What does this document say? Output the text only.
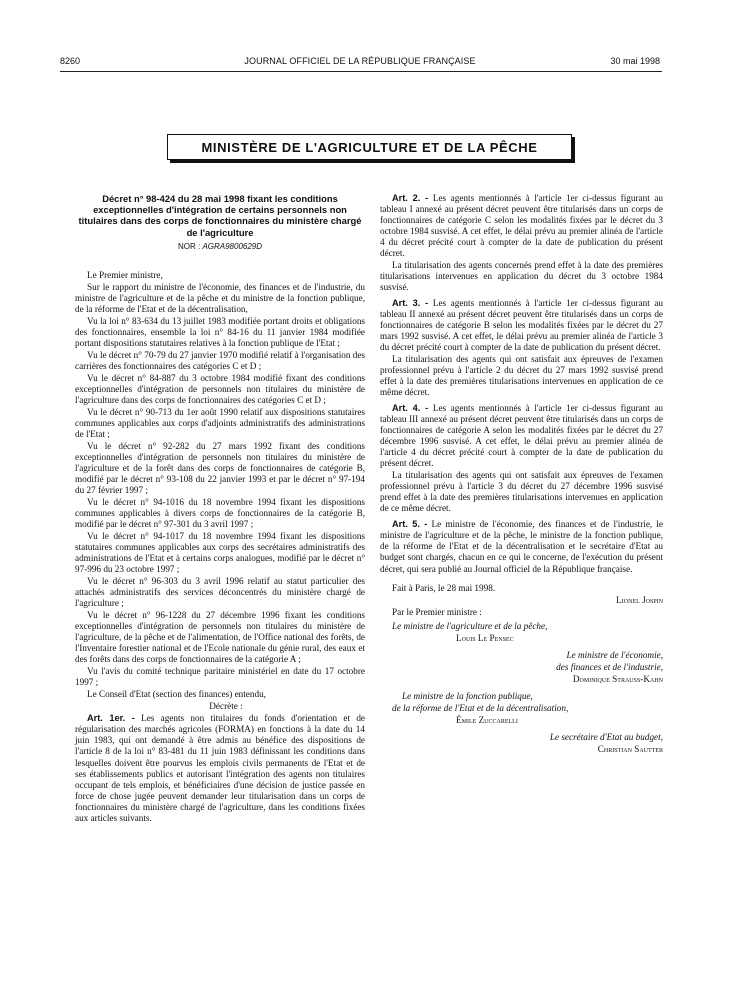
8260	JOURNAL OFFICIEL DE LA RÉPUBLIQUE FRANÇAISE	30 mai 1998
MINISTÈRE DE L'AGRICULTURE ET DE LA PÊCHE
Décret n° 98-424 du 28 mai 1998 fixant les conditions exceptionnelles d'intégration de certains personnels non titulaires dans des corps de fonctionnaires du ministère chargé de l'agriculture
NOR : AGRA9800629D

Le Premier ministre,

Sur le rapport du ministre de l'économie, des finances et de l'industrie, du ministre de l'agriculture et de la pêche et du ministre de la fonction publique, de la réforme de l'Etat et de la décentralisation,

Vu la loi n° 83-634 du 13 juillet 1983 modifiée portant droits et obligations des fonctionnaires, ensemble la loi n° 84-16 du 11 janvier 1984 modifiée portant dispositions statutaires relatives à la fonction publique de l'Etat ;

Vu le décret n° 70-79 du 27 janvier 1970 modifié relatif à l'organisation des carrières des fonctionnaires des catégories C et D ;

Vu le décret n° 84-887 du 3 octobre 1984 modifié fixant des conditions exceptionnelles d'intégration de personnels non titulaires du ministère de l'agriculture dans des corps de fonctionnaires des catégories C et D ;

Vu le décret n° 90-713 du 1er août 1990 relatif aux dispositions statutaires communes applicables aux corps d'adjoints administratifs des administrations de l'Etat ;

Vu le décret n° 92-282 du 27 mars 1992 fixant des conditions exceptionnelles d'intégration de personnels non titulaires du ministère de l'agriculture et de la forêt dans des corps de fonctionnaires de catégorie B, modifié par le décret n° 93-108 du 22 janvier 1993 et par le décret n° 97-194 du 27 février 1997 ;

Vu le décret n° 94-1016 du 18 novembre 1994 fixant les dispositions communes applicables à divers corps de fonctionnaires de la catégorie B, modifié par le décret n° 97-301 du 3 avril 1997 ;

Vu le décret n° 94-1017 du 18 novembre 1994 fixant les dispositions statutaires communes applicables aux corps des secrétaires administratifs des administrations de l'Etat et à certains corps analogues, modifié par le décret n° 97-996 du 23 octobre 1997 ;

Vu le décret n° 96-303 du 3 avril 1996 relatif au statut particulier des attachés administratifs des services déconcentrés du ministère chargé de l'agriculture ;

Vu le décret n° 96-1228 du 27 décembre 1996 fixant les conditions exceptionnelles d'intégration de personnels non titulaires du ministère de l'agriculture, de la pêche et de l'alimentation, de l'Office national des forêts, de l'Inventaire forestier national et de l'Ecole nationale du génie rural, des eaux et des forêts dans des corps de fonctionnaires de la catégorie A ;

Vu l'avis du comité technique paritaire ministériel en date du 17 octobre 1997 ;

Le Conseil d'Etat (section des finances) entendu,

Décrète :

Art. 1er. - Les agents non titulaires du fonds d'orientation et de régularisation des marchés agricoles (FORMA) en fonctions à la date du 14 juin 1983, qui ont demandé à être admis au bénéfice des dispositions de l'article 8 de la loi n° 83-481 du 11 juin 1983 définissant les conditions dans lesquelles doivent être pourvus les emplois civils permanents de l'Etat et de ses établissements publics et autorisant l'intégration des agents non titulaires occupant de tels emplois, et bénéficiaires d'une décision de justice passée en force de chose jugée peuvent demander leur titularisation dans un corps de fonctionnaires du ministère chargé de l'agriculture, dans les conditions fixées aux articles suivants.

Art. 2. - Les agents mentionnés à l'article 1er ci-dessus figurant au tableau I annexé au présent décret peuvent être titularisés dans un corps de fonctionnaires de catégorie C selon les modalités fixées par le décret du 3 octobre 1984 susvisé. A cet effet, le délai prévu au premier alinéa de l'article 4 du décret précité court à compter de la date de publication du présent décret.

La titularisation des agents concernés prend effet à la date des premières titularisations intervenues en application du décret du 3 octobre 1984 susvisé.

Art. 3. - Les agents mentionnés à l'article 1er ci-dessus figurant au tableau II annexé au présent décret peuvent être titularisés dans un corps de fonctionnaires de catégorie B selon les modalités fixées par le décret du 27 mars 1992 susvisé. A cet effet, le délai prévu au premier alinéa de l'article 3 du décret précité court à compter de la date de publication du présent décret.

La titularisation des agents qui ont satisfait aux épreuves de l'examen professionnel prévu à l'article 2 du décret du 27 mars 1992 susvisé prend effet à la date des premières titularisations intervenues en application de ce même décret.

Art. 4. - Les agents mentionnés à l'article 1er ci-dessus figurant au tableau III annexé au présent décret peuvent être titularisés dans un corps de fonctionnaires de catégorie A selon les modalités fixées par le décret du 27 décembre 1996 susvisé. A cet effet, le délai prévu au premier alinéa de l'article 4 du décret précité court à compter de la date de publication du présent décret.

La titularisation des agents qui ont satisfait aux épreuves de l'examen professionnel prévu à l'article 3 du décret du 27 décembre 1996 susvisé prend effet à la date des premières titularisations intervenues en application de ce même décret.

Art. 5. - Le ministre de l'économie, des finances et de l'industrie, le ministre de l'agriculture et de la pêche, le ministre de la fonction publique, de la réforme de l'Etat et de la décentralisation et le secrétaire d'Etat au budget sont chargés, chacun en ce qui le concerne, de l'exécution du présent décret, qui sera publié au Journal officiel de la République française.

Fait à Paris, le 28 mai 1998.

Lionel Jospin

Par le Premier ministre :

Le ministre de l'agriculture et de la pêche,

Louis Le Pensec

Le ministre de l'économie,

des finances et de l'industrie,

Dominique Strauss-Kahn

Le ministre de la fonction publique,

de la réforme de l'Etat et de la décentralisation,

Émile Zuccarelli

Le secrétaire d'Etat au budget,

Christian Sautter
